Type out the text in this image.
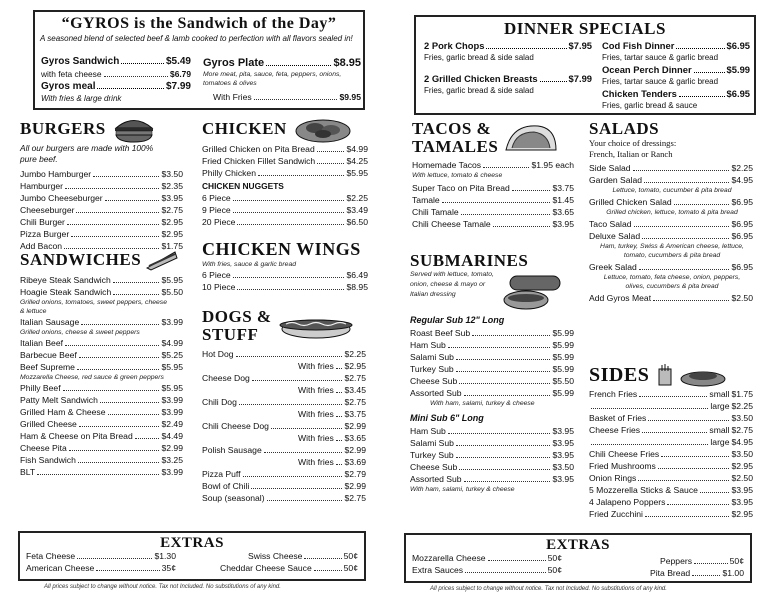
“GYROS is the Sandwich of the Day”
A seasoned blend of selected beef & lamb cooked to perfection with all flavors sealed in!
Gyros Sandwich	$5.49
with feta cheese	$6.79
Gyros meal	$7.99
With fries & large drink
Gyros Plate	$8.95
More meat, pita, sauce, feta, peppers, onions, tomatoes & olives
With Fries	$9.95
BURGERS
All our burgers are made with 100% pure beef.
Jumbo Hamburger	$3.50
Hamburger	$2.35
Jumbo Cheeseburger	$3.95
Cheeseburger	$2.75
Chili Burger	$2.95
Pizza Burger	$2.95
Add Bacon	$1.75
SANDWICHES
Ribeye Steak Sandwich	$5.95
Hoagie Steak Sandwich	$5.50
Grilled onions, tomatoes, sweet peppers, cheese & lettuce
Italian Sausage	$3.99
Grilled onions, cheese & sweet peppers
Italian Beef	$4.99
Barbecue Beef	$5.25
Beef Supreme	$5.95
Mozzarella Cheese, red sauce & green peppers
Philly Beef	$5.95
Patty Melt Sandwich	$3.99
Grilled Ham & Cheese	$3.99
Grilled Cheese	$2.49
Ham & Cheese on Pita Bread	$4.49
Cheese Pita	$2.99
Fish Sandwich	$3.25
BLT	$3.99
CHICKEN
Grilled Chicken on Pita Bread	$4.99
Fried Chicken Fillet Sandwich	$4.25
Philly Chicken	$5.95
CHICKEN NUGGETS
6 Piece	$2.25
9 Piece	$3.49
20 Piece	$6.50
CHICKEN WINGS
With fries, sauce & garlic bread
6 Piece	$6.49
10 Piece	$8.95
DOGS &
STUFF
Hot Dog	$2.25
With fries $2.95
Cheese Dog	$2.75
With fries $3.45
Chili Dog	$2.75
With fries $3.75
Chili Cheese Dog	$2.99
With fries $3.65
Polish Sausage	$2.99
With fries $3.69
Pizza Puff	$2.79
Bowl of Chili	$2.99
Soup (seasonal)	$2.75
EXTRAS
Feta Cheese	$1.30
American Cheese	35¢
Swiss Cheese	50¢
Cheddar Cheese Sauce	50¢
All prices subject to change without notice. Tax not Included. No substitutions of any kind.
DINNER SPECIALS
2 Pork Chops	$7.95
Fries, garlic bread & side salad
2 Grilled Chicken Breasts	$7.99
Fries, garlic bread & side salad
Cod Fish Dinner	$6.95
Fries, tartar sauce & garlic bread
Ocean Perch Dinner	$5.99
Fries, tartar sauce & garlic bread
Chicken Tenders	$6.95
Fries, garlic bread & sauce
TACOS &
TAMALES
Homemade Tacos	$1.95 each
With lettuce, tomato & cheese
Super Taco on Pita Bread	$3.75
Tamale	$1.45
Chili Tamale	$3.65
Chili Cheese Tamale	$3.95
SUBMARINES
Served with lettuce, tomato, onion, cheese & mayo or Italian dressing
Regular Sub 12" Long
Roast Beef Sub	$5.99
Ham Sub	$5.99
Salami Sub	$5.99
Turkey Sub	$5.99
Cheese Sub	$5.50
Assorted Sub	$5.99
With ham, salami, turkey & cheese
Mini Sub 6" Long
Ham Sub	$3.95
Salami Sub	$3.95
Turkey Sub	$3.95
Cheese Sub	$3.50
Assorted Sub	$3.95
With ham, salami, turkey & cheese
SALADS
Your choice of dressings:
French, Italian or Ranch
Side Salad	$2.25
Garden Salad	$4.95
Lettuce, tomato, cucumber & pita bread
Grilled Chicken Salad	$6.95
Grilled chicken, lettuce, tomato & pita bread
Taco Salad	$6.95
Deluxe Salad	$6.95
Ham, turkey, Swiss & American cheese, lettuce, tomato, cucumbers & pita bread
Greek Salad	$6.95
Lettuce, tomato, feta cheese, onion, peppers, olives, cucumbers & pita bread
Add Gyros Meat	$2.50
SIDES
French Fries	small $1.75
large $2.25
Basket of Fries	$3.50
Cheese Fries	small $2.75
large $4.95
Chili Cheese Fries	$3.50
Fried Mushrooms	$2.95
Onion Rings	$2.50
5 Mozzerella Sticks & Sauce	$3.95
4 Jalapeno Poppers	$3.95
Fried Zucchini	$2.95
EXTRAS
Mozzarella Cheese	50¢
Extra Sauces	50¢
Peppers	50¢
Pita Bread	$1.00
All prices subject to change without notice. Tax not Included. No substitutions of any kind.
